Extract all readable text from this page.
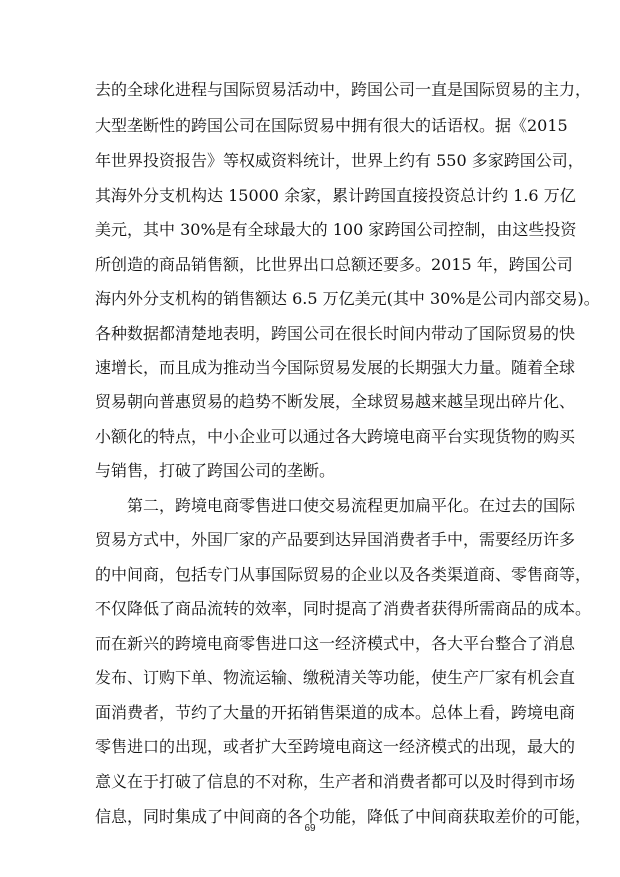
去的全球化进程与国际贸易活动中，跨国公司一直是国际贸易的主力，
大型垄断性的跨国公司在国际贸易中拥有很大的话语权。据《2015
年世界投资报告》等权威资料统计，世界上约有 550 多家跨国公司，
其海外分支机构达 15000 余家，累计跨国直接投资总计约 1.6 万亿
美元，其中 30%是有全球最大的 100 家跨国公司控制，由这些投资
所创造的商品销售额，比世界出口总额还要多。2015 年，跨国公司
海内外分支机构的销售额达 6.5 万亿美元(其中 30%是公司内部交易)。
各种数据都清楚地表明，跨国公司在很长时间内带动了国际贸易的快
速增长，而且成为推动当今国际贸易发展的长期强大力量。随着全球
贸易朝向普惠贸易的趋势不断发展，全球贸易越来越呈现出碎片化、
小额化的特点，中小企业可以通过各大跨境电商平台实现货物的购买
与销售，打破了跨国公司的垄断。
第二，跨境电商零售进口使交易流程更加扁平化。在过去的国际
贸易方式中，外国厂家的产品要到达异国消费者手中，需要经历许多
的中间商，包括专门从事国际贸易的企业以及各类渠道商、零售商等，
不仅降低了商品流转的效率，同时提高了消费者获得所需商品的成本。
而在新兴的跨境电商零售进口这一经济模式中，各大平台整合了消息
发布、订购下单、物流运输、缴税清关等功能，使生产厂家有机会直
面消费者，节约了大量的开拓销售渠道的成本。总体上看，跨境电商
零售进口的出现，或者扩大至跨境电商这一经济模式的出现，最大的
意义在于打破了信息的不对称，生产者和消费者都可以及时得到市场
信息，同时集成了中间商的各个功能，降低了中间商获取差价的可能，
69
